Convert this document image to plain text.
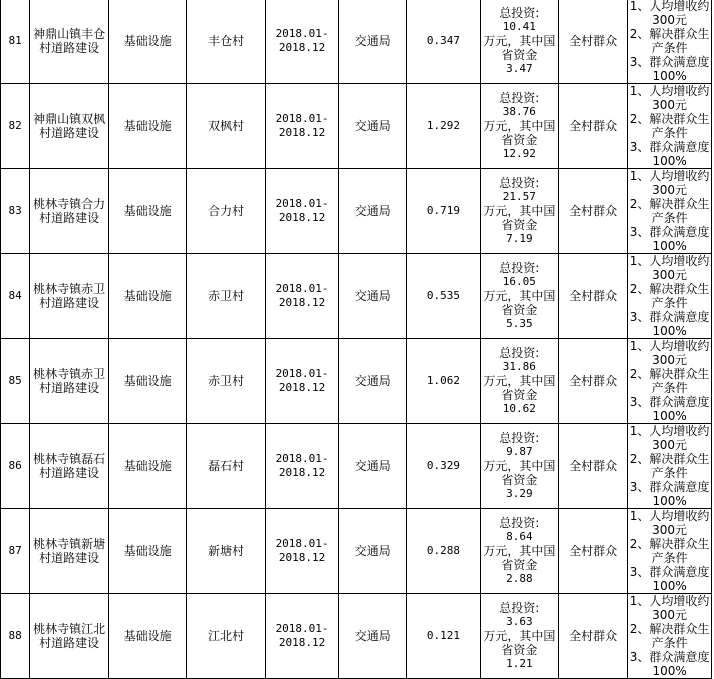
81	神鼎山镇丰仓村道路建设	基础设施	丰仓村	2018.01-
2018.12	交通局	0.347	总投资:
10.41
万元，其中国省资金
3.47	全村群众	1、人均增收约300元
2、解决群众生产条件
3、群众满意度100%

82	神鼎山镇双枫村道路建设	基础设施	双枫村	2018.01-
2018.12	交通局	1.292	总投资:
38.76
万元，其中国省资金
12.92	全村群众	1、人均增收约300元
2、解决群众生产条件
3、群众满意度100%

83	桃林寺镇合力村道路建设	基础设施	合力村	2018.01-
2018.12	交通局	0.719	总投资:
21.57
万元，其中国省资金
7.19	全村群众	1、人均增收约300元
2、解决群众生产条件
3、群众满意度100%

84	桃林寺镇赤卫村道路建设	基础设施	赤卫村	2018.01-
2018.12	交通局	0.535	总投资:
16.05
万元，其中国省资金
5.35	全村群众	1、人均增收约300元
2、解决群众生产条件
3、群众满意度100%

85	桃林寺镇赤卫村道路建设	基础设施	赤卫村	2018.01-
2018.12	交通局	1.062	总投资:
31.86
万元，其中国省资金
10.62	全村群众	1、人均增收约300元
2、解决群众生产条件
3、群众满意度100%

86	桃林寺镇磊石村道路建设	基础设施	磊石村	2018.01-
2018.12	交通局	0.329	总投资:
9.87
万元，其中国省资金
3.29	全村群众	1、人均增收约300元
2、解决群众生产条件
3、群众满意度100%

87	桃林寺镇新塘村道路建设	基础设施	新塘村	2018.01-
2018.12	交通局	0.288	总投资:
8.64
万元，其中国省资金
2.88	全村群众	1、人均增收约300元
2、解决群众生产条件
3、群众满意度100%

88	桃林寺镇江北村道路建设	基础设施	江北村	2018.01-
2018.12	交通局	0.121	总投资:
3.63
万元，其中国省资金
1.21	全村群众	1、人均增收约300元
2、解决群众生产条件
3、群众满意度100%
